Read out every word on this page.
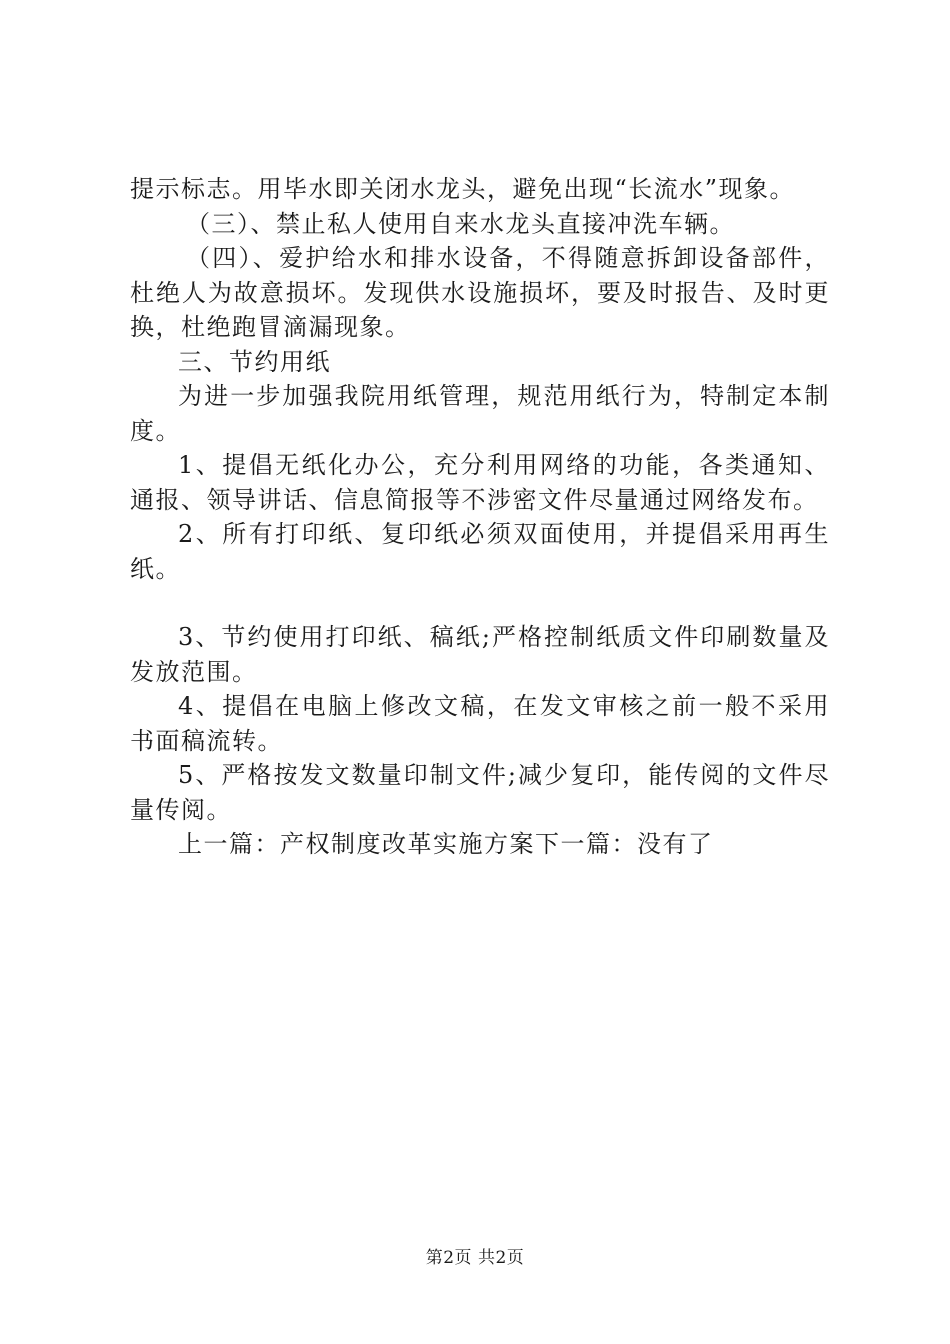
提示标志。用毕水即关闭水龙头，避免出现“长流水”现象。

（三）、禁止私人使用自来水龙头直接冲洗车辆。

（四）、爱护给水和排水设备，不得随意拆卸设备部件，杜绝人为故意损坏。发现供水设施损坏，要及时报告、及时更换，杜绝跑冒滴漏现象。

三、节约用纸

为进一步加强我院用纸管理，规范用纸行为，特制定本制度。

1、提倡无纸化办公，充分利用网络的功能，各类通知、通报、领导讲话、信息简报等不涉密文件尽量通过网络发布。

2、所有打印纸、复印纸必须双面使用，并提倡采用再生纸。

3、节约使用打印纸、稿纸;严格控制纸质文件印刷数量及发放范围。

4、提倡在电脑上修改文稿，在发文审核之前一般不采用书面稿流转。

5、严格按发文数量印制文件;减少复印，能传阅的文件尽量传阅。

上一篇：产权制度改革实施方案下一篇：没有了

第2页 共2页
